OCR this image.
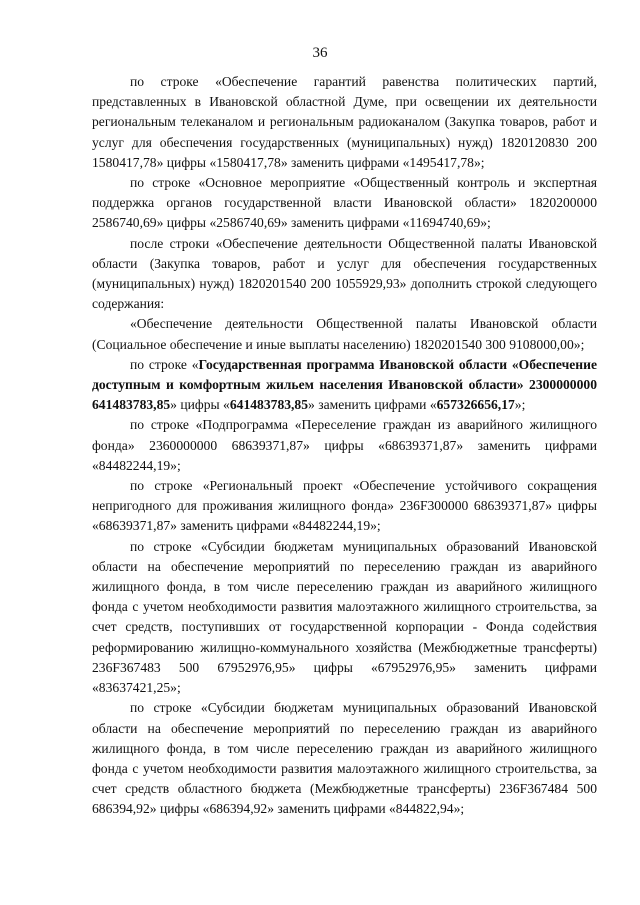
36

по строке «Обеспечение гарантий равенства политических партий, представленных в Ивановской областной Думе, при освещении их деятельности региональным телеканалом и региональным радиоканалом (Закупка товаров, работ и услуг для обеспечения государственных (муниципальных) нужд) 1820120830 200 1580417,78» цифры «1580417,78» заменить цифрами «1495417,78»;

по строке «Основное мероприятие «Общественный контроль и экспертная поддержка органов государственной власти Ивановской области» 1820200000 2586740,69» цифры «2586740,69» заменить цифрами «11694740,69»;

после строки «Обеспечение деятельности Общественной палаты Ивановской области (Закупка товаров, работ и услуг для обеспечения государственных (муниципальных) нужд) 1820201540 200 1055929,93» дополнить строкой следующего содержания:

«Обеспечение деятельности Общественной палаты Ивановской области (Социальное обеспечение и иные выплаты населению) 1820201540 300 9108000,00»;

по строке «Государственная программа Ивановской области «Обеспечение доступным и комфортным жильем населения Ивановской области» 2300000000 641483783,85» цифры «641483783,85» заменить цифрами «657326656,17»;

по строке «Подпрограмма «Переселение граждан из аварийного жилищного фонда» 2360000000 68639371,87» цифры «68639371,87» заменить цифрами «84482244,19»;

по строке «Региональный проект «Обеспечение устойчивого сокращения непригодного для проживания жилищного фонда» 236F300000 68639371,87» цифры «68639371,87» заменить цифрами «84482244,19»;

по строке «Субсидии бюджетам муниципальных образований Ивановской области на обеспечение мероприятий по переселению граждан из аварийного жилищного фонда, в том числе переселению граждан из аварийного жилищного фонда с учетом необходимости развития малоэтажного жилищного строительства, за счет средств, поступивших от государственной корпорации - Фонда содействия реформированию жилищно-коммунального хозяйства (Межбюджетные трансферты) 236F367483 500 67952976,95» цифры «67952976,95» заменить цифрами «83637421,25»;

по строке «Субсидии бюджетам муниципальных образований Ивановской области на обеспечение мероприятий по переселению граждан из аварийного жилищного фонда, в том числе переселению граждан из аварийного жилищного фонда с учетом необходимости развития малоэтажного жилищного строительства, за счет средств областного бюджета (Межбюджетные трансферты) 236F367484 500 686394,92» цифры «686394,92» заменить цифрами «844822,94»;
